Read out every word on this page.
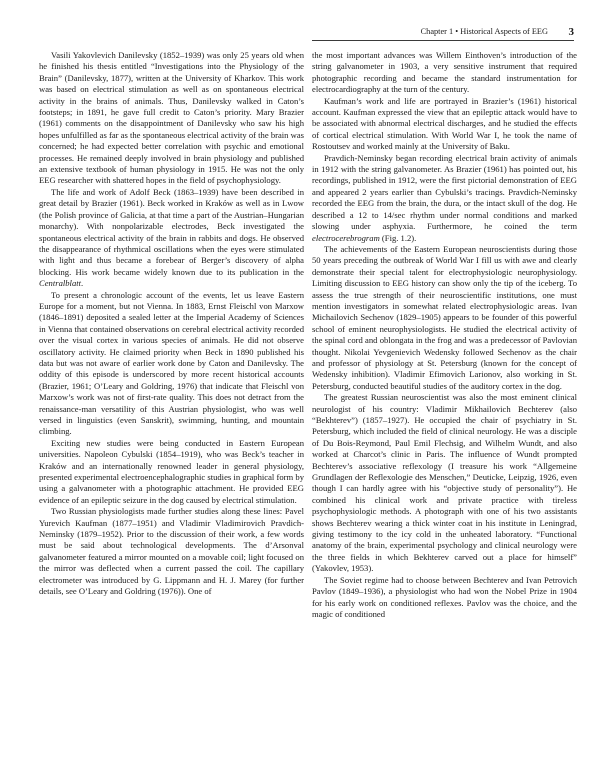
Chapter 1 • Historical Aspects of EEG 3

Vasili Yakovlevich Danilevsky (1852–1939) was only 25 years old when he finished his thesis entitled “Investigations into the Physiology of the Brain” (Danilevsky, 1877), written at the University of Kharkov. This work was based on electrical stimulation as well as on spontaneous electrical activity in the brains of animals. Thus, Danilevsky walked in Caton’s footsteps; in 1891, he gave full credit to Caton’s priority. Mary Brazier (1961) comments on the disappointment of Danilevsky who saw his high hopes unfulfilled as far as the spontaneous electrical activity of the brain was concerned; he had expected better correlation with psychic and emotional processes. He remained deeply involved in brain physiology and published an extensive textbook of human physiology in 1915. He was not the only EEG researcher with shattered hopes in the field of psychophysiology.

The life and work of Adolf Beck (1863–1939) have been described in great detail by Brazier (1961). Beck worked in Kraków as well as in Lwow (the Polish province of Galicia, at that time a part of the Austrian–Hungarian monarchy). With nonpolarizable electrodes, Beck investigated the spontaneous electrical activity of the brain in rabbits and dogs. He observed the disappearance of rhythmical oscillations when the eyes were stimulated with light and thus became a forebear of Berger’s discovery of alpha blocking. His work became widely known due to its publication in the Centralblatt.

To present a chronologic account of the events, let us leave Eastern Europe for a moment, but not Vienna. In 1883, Ernst Fleischl von Marxow (1846–1891) deposited a sealed letter at the Imperial Academy of Sciences in Vienna that contained observations on cerebral electrical activity recorded over the visual cortex in various species of animals. He did not observe oscillatory activity. He claimed priority when Beck in 1890 published his data but was not aware of earlier work done by Caton and Danilevsky. The oddity of this episode is underscored by more recent historical accounts (Brazier, 1961; O’Leary and Goldring, 1976) that indicate that Fleischl von Marxow’s work was not of first-rate quality. This does not detract from the renaissance-man versatility of this Austrian physiologist, who was well versed in linguistics (even Sanskrit), swimming, hunting, and mountain climbing.

Exciting new studies were being conducted in Eastern European universities. Napoleon Cybulski (1854–1919), who was Beck’s teacher in Kraków and an internationally renowned leader in general physiology, presented experimental electroencephalographic studies in graphical form by using a galvanometer with a photographic attachment. He provided EEG evidence of an epileptic seizure in the dog caused by electrical stimulation.

Two Russian physiologists made further studies along these lines: Pavel Yurevich Kaufman (1877–1951) and Vladimir Vladimirovich Pravdich-Neminsky (1879–1952). Prior to the discussion of their work, a few words must be said about technological developments. The d’Arsonval galvanometer featured a mirror mounted on a movable coil; light focused on the mirror was deflected when a current passed the coil. The capillary electrometer was introduced by G. Lippmann and H. J. Marey (for further details, see O’Leary and Goldring (1976)). One of

the most important advances was Willem Einthoven’s introduction of the string galvanometer in 1903, a very sensitive instrument that required photographic recording and became the standard instrumentation for electrocardiography at the turn of the century.

Kaufman’s work and life are portrayed in Brazier’s (1961) historical account. Kaufman expressed the view that an epileptic attack would have to be associated with abnormal electrical discharges, and he studied the effects of cortical electrical stimulation. With World War I, he took the name of Rostoutsev and worked mainly at the University of Baku.

Pravdich-Neminsky began recording electrical brain activity of animals in 1912 with the string galvanometer. As Brazier (1961) has pointed out, his recordings, published in 1912, were the first pictorial demonstration of EEG and appeared 2 years earlier than Cybulski’s tracings. Pravdich-Neminsky recorded the EEG from the brain, the dura, or the intact skull of the dog. He described a 12 to 14/sec rhythm under normal conditions and marked slowing under asphyxia. Furthermore, he coined the term electrocerebrogram (Fig. 1.2).

The achievements of the Eastern European neuroscientists during those 50 years preceding the outbreak of World War I fill us with awe and clearly demonstrate their special talent for electrophysiologic neurophysiology. Limiting discussion to EEG history can show only the tip of the iceberg. To assess the true strength of their neuroscientific institutions, one must mention investigators in somewhat related electrophysiologic areas. Ivan Michailovich Sechenov (1829–1905) appears to be founder of this powerful school of eminent neurophysiologists. He studied the electrical activity of the spinal cord and oblongata in the frog and was a predecessor of Pavlovian thought. Nikolai Yevgenievich Wedensky followed Sechenov as the chair and professor of physiology at St. Petersburg (known for the concept of Wedensky inhibition). Vladimir Efimovich Larionov, also working in St. Petersburg, conducted beautiful studies of the auditory cortex in the dog.

The greatest Russian neuroscientist was also the most eminent clinical neurologist of his country: Vladimir Mikhailovich Bechterev (also “Bekhterev”) (1857–1927). He occupied the chair of psychiatry in St. Petersburg, which included the field of clinical neurology. He was a disciple of Du Bois-Reymond, Paul Emil Flechsig, and Wilhelm Wundt, and also worked at Charcot’s clinic in Paris. The influence of Wundt prompted Bechterev’s associative reflexology (I treasure his work “Allgemeine Grundlagen der Reflexologie des Menschen,” Deuticke, Leipzig, 1926, even though I can hardly agree with his “objective study of personality”). He combined his clinical work and private practice with tireless psychophysiologic methods. A photograph with one of his two assistants shows Bechterev wearing a thick winter coat in his institute in Leningrad, giving testimony to the icy cold in the unheated laboratory. “Functional anatomy of the brain, experimental psychology and clinical neurology were the three fields in which Bekhterev carved out a place for himself” (Yakovlev, 1953).

The Soviet regime had to choose between Bechterev and Ivan Petrovich Pavlov (1849–1936), a physiologist who had won the Nobel Prize in 1904 for his early work on conditioned reflexes. Pavlov was the choice, and the magic of conditioned
